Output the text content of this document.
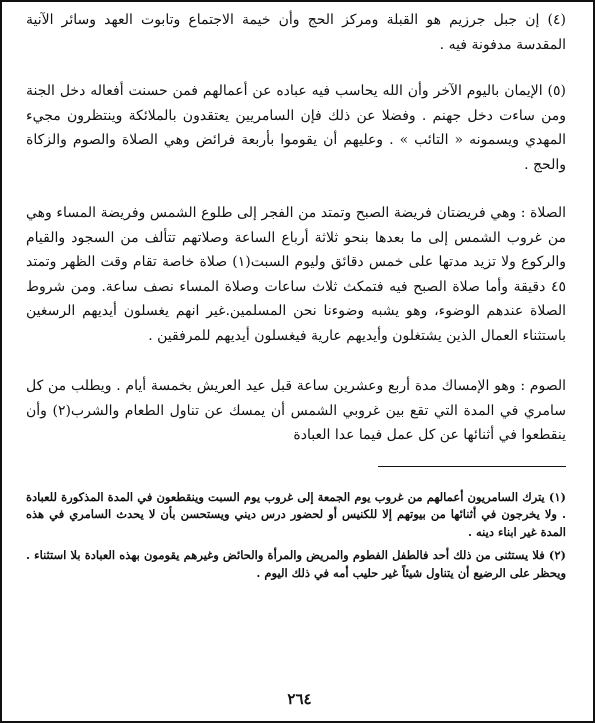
(٤) إن جبل جرزيم هو القبلة ومركز الحج وأن خيمة الاجتماع وتابوت العهد وسائر الآنية المقدسة مدفونة فيه .

(٥) الإيمان باليوم الآخر وأن الله يحاسب فيه عباده عن أعمالهم فمن حسنت أفعاله دخل الجنة ومن ساءت دخل جهنم . وفضلا عن ذلك فإن السامريين يعتقدون بالملائكة وينتظرون مجيء المهدي ويسمونه « التائب » . وعليهم أن يقوموا بأربعة فرائض وهي الصلاة والصوم والزكاة والحج .

الصلاة : وهي فريضتان فريضة الصبح وتمتد من الفجر إلى طلوع الشمس وفريضة المساء وهي من غروب الشمس إلى ما بعدها بنحو ثلاثة أرباع الساعة وصلاتهم تتألف من السجود والقيام والركوع ولا تزيد مدتها على خمس دقائق وليوم السبت(١) صلاة خاصة تقام وقت الظهر وتمتد ٤٥ دقيقة وأما صلاة الصبح فيه فتمكث ثلاث ساعات وصلاة المساء نصف ساعة. ومن شروط الصلاة عندهم الوضوء، وهو يشبه وضوءنا نحن المسلمين.غير انهم يغسلون أيديهم الرسغين باستثناء العمال الذين يشتغلون وأيديهم عارية فيغسلون أيديهم للمرفقين .

الصوم : وهو الإمساك مدة أربع وعشرين ساعة قبل عيد العريش بخمسة أيام . ويطلب من كل سامري في المدة التي تقع بين غروبي الشمس أن يمسك عن تناول الطعام والشرب(٢) وأن ينقطعوا في أثنائها عن كل عمل فيما عدا العبادة

(١) يترك السامريون أعمالهم من غروب يوم الجمعة إلى غروب يوم السبت وينقطعون في المدة المذكورة للعبادة . ولا يخرجون في أثنائها من بيوتهم إلا للكنيس أو لحضور درس ديني ويستحسن بأن لا يحدث السامري في هذه المدة غير ابناء دينه .

(٢) فلا يستثنى من ذلك أحد فالطفل الفطوم والمريض والمرأة والحائض وغيرهم يقومون بهذه العبادة بلا استثناء . ويحظر على الرضيع أن يتناول شيئاً غير حليب أمه في ذلك اليوم .

٢٦٤
